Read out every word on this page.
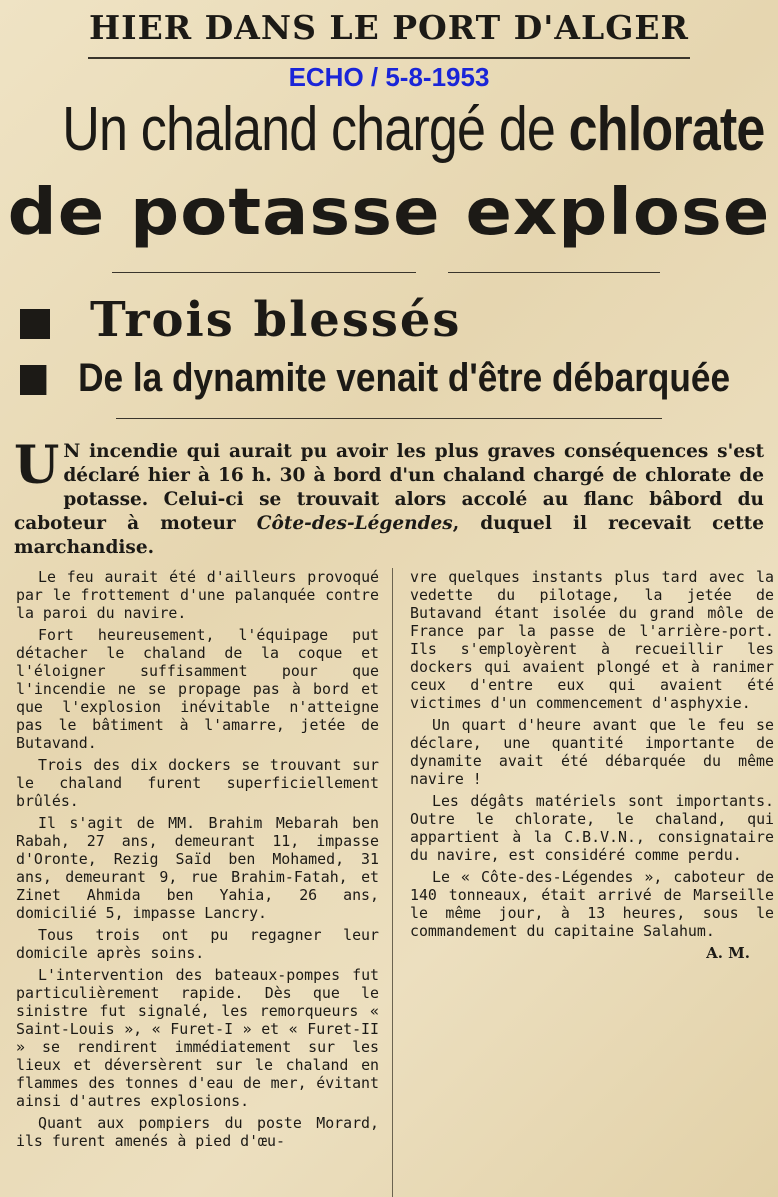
HIER DANS LE PORT D'ALGER
ECHO / 5-8-1953
Un chaland chargé de chlorate
de potasse explose
Trois blessés
De la dynamite venait d'être débarquée
U N incendie qui aurait pu avoir les plus graves conséquences s'est déclaré hier à 16 h. 30 à bord d'un chaland chargé de chlorate de potasse. Celui-ci se trouvait alors accolé au flanc bâbord du caboteur à moteur Côte-des-Légendes, duquel il recevait cette marchandise.

Le feu aurait été d'ailleurs provoqué par le frottement d'une palanquée contre la paroi du navire.

Fort heureusement, l'équipage put détacher le chaland de la coque et l'éloigner suffisamment pour que l'incendie ne se propage pas à bord et que l'explosion inévitable n'atteigne pas le bâtiment à l'amarre, jetée de Butavand.

Trois des dix dockers se trouvant sur le chaland furent superficiellement brûlés.

Il s'agit de MM. Brahim Mebarah ben Rabah, 27 ans, demeurant 11, impasse d'Oronte, Rezig Saïd ben Mohamed, 31 ans, demeurant 9, rue Brahim-Fatah, et Zinet Ahmida ben Yahia, 26 ans, domicilié 5, impasse Lancry.

Tous trois ont pu regagner leur domicile après soins.

L'intervention des bateaux-pompes fut particulièrement rapide. Dès que le sinistre fut signalé, les remorqueurs « Saint-Louis », « Furet-I » et « Furet-II » se rendirent immédiatement sur les lieux et déversèrent sur le chaland en flammes des tonnes d'eau de mer, évitant ainsi d'autres explosions.

Quant aux pompiers du poste Morard, ils furent amenés à pied d'œu-

vre quelques instants plus tard avec la vedette du pilotage, la jetée de Butavand étant isolée du grand môle de France par la passe de l'arrière-port. Ils s'employèrent à recueillir les dockers qui avaient plongé et à ranimer ceux d'entre eux qui avaient été victimes d'un commencement d'asphyxie.

Un quart d'heure avant que le feu se déclare, une quantité importante de dynamite avait été débarquée du même navire !

Les dégâts matériels sont importants. Outre le chlorate, le chaland, qui appartient à la C.B.V.N., consignataire du navire, est considéré comme perdu.

Le « Côte-des-Légendes », caboteur de 140 tonneaux, était arrivé de Marseille le même jour, à 13 heures, sous le commandement du capitaine Salahum.

A. M.
